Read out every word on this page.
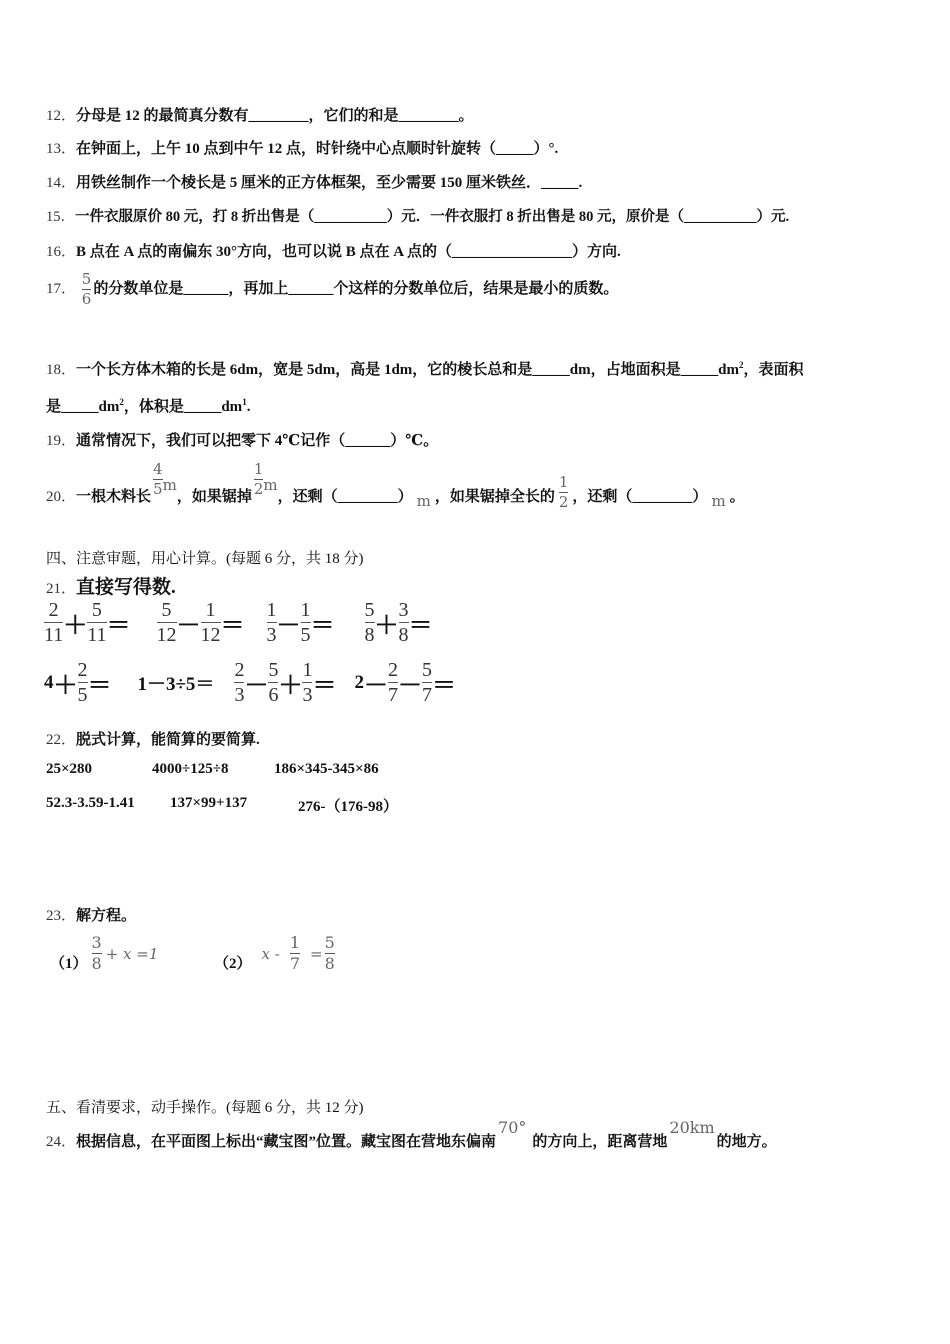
12．分母是 12 的最简真分数有________，它们的和是________。
13．在钟面上，上午 10 点到中午 12 点，时针绕中心点顺时针旋转（_____）°.
14．用铁丝制作一个棱长是 5 厘米的正方体框架，至少需要 150 厘米铁丝．_____.
15．一件衣服原价 80 元，打 8 折出售是（__________）元．一件衣服打 8 折出售是 80 元，原价是（__________）元.
16．B 点在 A 点的南偏东 30°方向，也可以说 B 点在 A 点的（________________）方向.
17． $\frac{5}{6}$ 的分数单位是______，再加上______个这样的分数单位后，结果是最小的质数。
18．一个长方体木箱的长是 6dm，宽是 5dm，高是 1dm，它的棱长总和是_____dm，占地面积是$\_\_\_\_\_dm^2$，表面积
是$\_\_\_\_\_dm^2$，体积是$\_\_\_\_\_dm^1$.
19．通常情况下，我们可以把零下 4℃记作（______）℃。
20． 一根木料长 $\frac{4}{5}$ m
，如果锯掉 $\frac{1}{2}$ m
，还剩（________） m ，如果锯掉全长的 $\frac{1}{2}$ ，还剩（________） m 。
四、注意审题，用心计算。(每题 6 分，共 18 分)
21．直接写得数.
$\frac{2}{11} + \frac{5}{11} = \frac{5}{12} - \frac{1}{12} = \frac{1}{3} - \frac{1}{5} = \frac{5}{8} + \frac{3}{8}$ ＝
$4 + \frac{2}{5} = 1-3\div 5= \frac{2}{3} - \frac{5}{6} + \frac{1}{3} = 2 - \frac{2}{7} - \frac{5}{7}$ ＝
22．脱式计算，能简算的要简算.
25×280	4000÷125÷8	186×345-345×86
52.3-3.59-1.41 137×99+137	276-（176-98）
23．解方程。
$(1) \frac{3}{8} + x =1$
（2）
$x - \frac{1}{7} = \frac{5}{8}$
五、看清要求，动手操作。(每题 6 分，共 12 分)
24． 根据信息，在平面图上标出“藏宝图”位置。藏宝图在营地东偏南
70°
的方向上，距离营地
20km
的地方。
